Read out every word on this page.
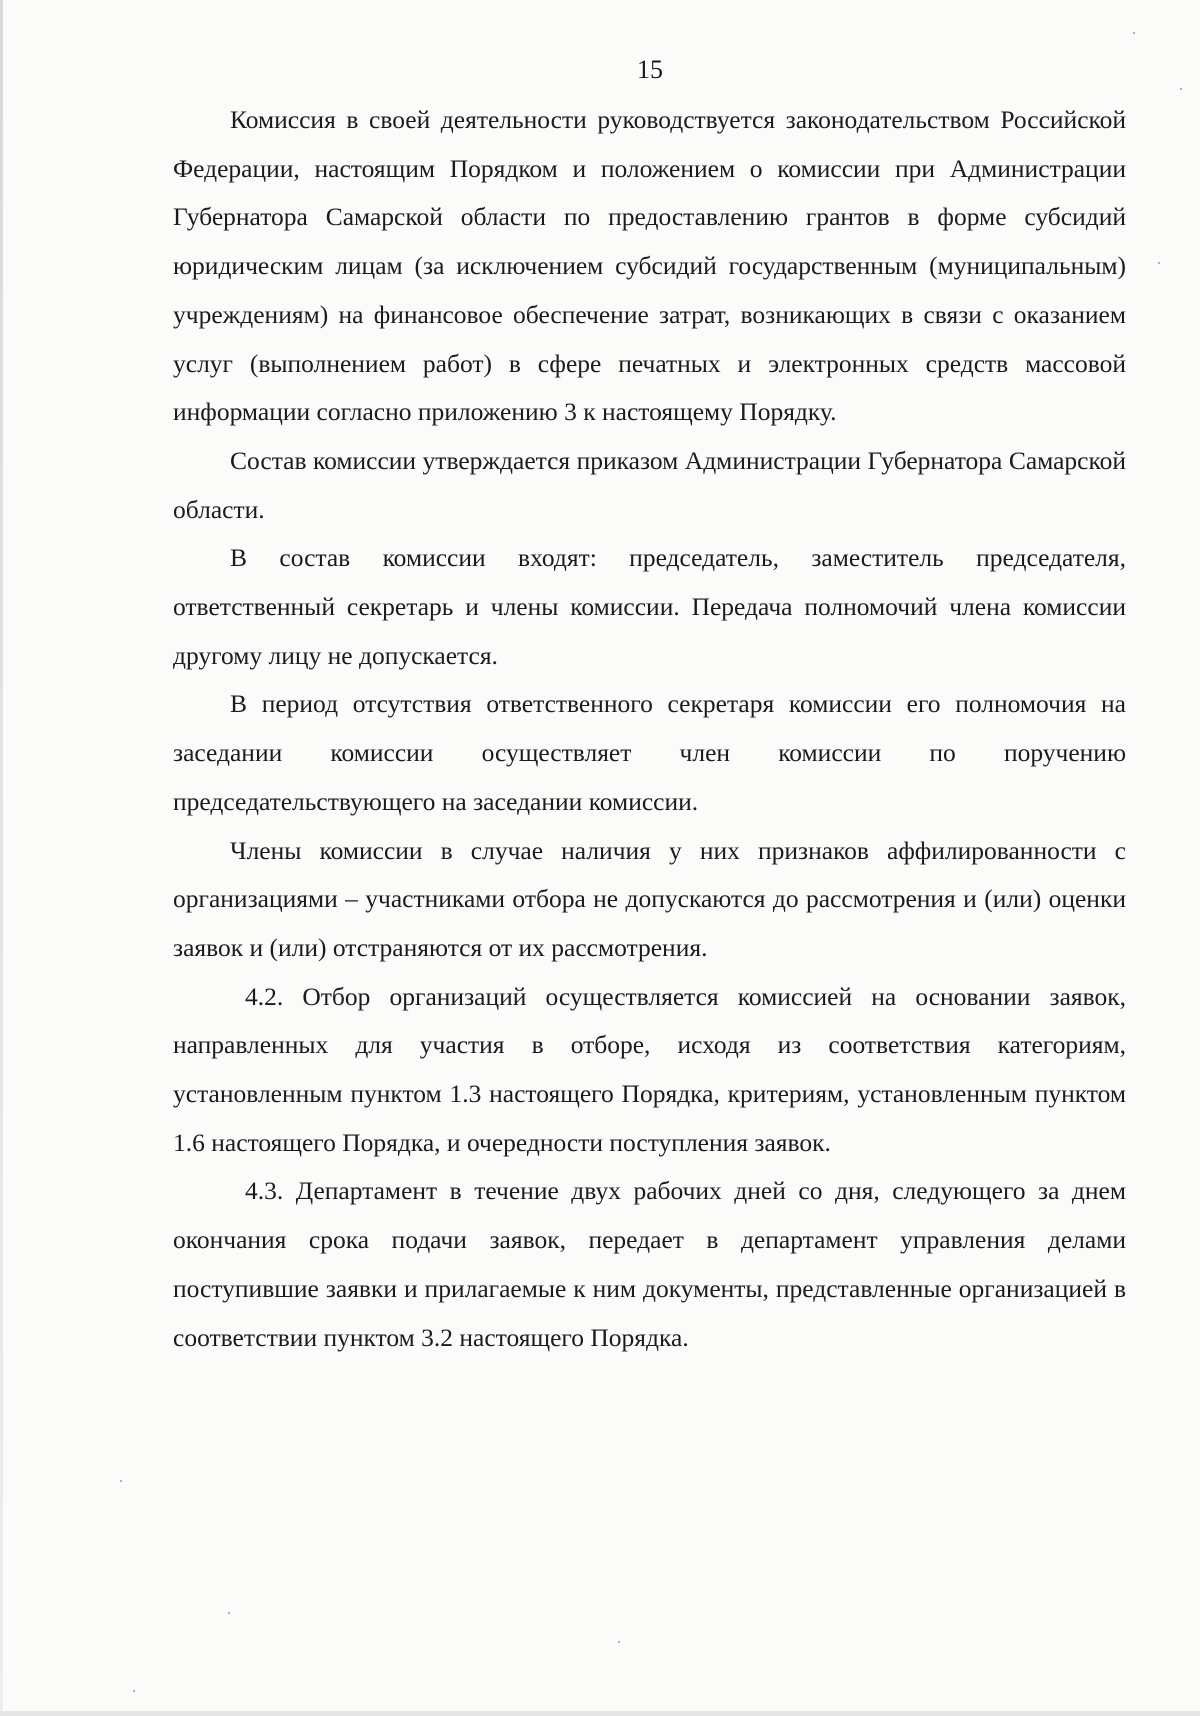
15

Комиссия в своей деятельности руководствуется законодательством Российской Федерации, настоящим Порядком и положением о комиссии при Администрации Губернатора Самарской области по предоставлению грантов в форме субсидий юридическим лицам (за исключением субсидий государственным (муниципальным) учреждениям) на финансовое обеспечение затрат, возникающих в связи с оказанием услуг (выполнением работ) в сфере печатных и электронных средств массовой информации согласно приложению 3 к настоящему Порядку.

Состав комиссии утверждается приказом Администрации Губернатора Самарской области.

В состав комиссии входят: председатель, заместитель председателя, ответственный секретарь и члены комиссии. Передача полномочий члена комиссии другому лицу не допускается.

В период отсутствия ответственного секретаря комиссии его полномочия на заседании комиссии осуществляет член комиссии по поручению председательствующего на заседании комиссии.

Члены комиссии в случае наличия у них признаков аффилированности с организациями – участниками отбора не допускаются до рассмотрения и (или) оценки заявок и (или) отстраняются от их рассмотрения.

4.2. Отбор организаций осуществляется комиссией на основании заявок, направленных для участия в отборе, исходя из соответствия категориям, установленным пунктом 1.3 настоящего Порядка, критериям, установленным пунктом 1.6 настоящего Порядка, и очередности поступления заявок.

4.3. Департамент в течение двух рабочих дней со дня, следующего за днем окончания срока подачи заявок, передает в департамент управления делами поступившие заявки и прилагаемые к ним документы, представленные организацией в соответствии пунктом 3.2 настоящего Порядка.
